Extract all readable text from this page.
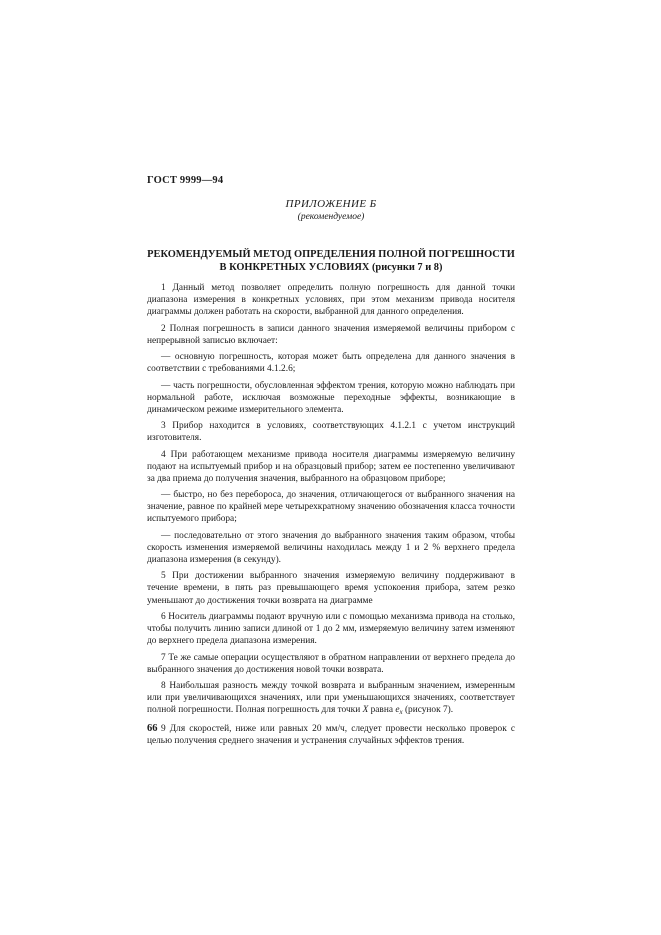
ГОСТ 9999—94
ПРИЛОЖЕНИЕ Б
(рекомендуемое)
РЕКОМЕНДУЕМЫЙ МЕТОД ОПРЕДЕЛЕНИЯ ПОЛНОЙ ПОГРЕШНОСТИ
В КОНКРЕТНЫХ УСЛОВИЯХ (рисунки 7 и 8)

1 Данный метод позволяет определить полную погрешность для данной точки диапазона измерения в конкретных условиях, при этом механизм привода носителя диаграммы должен работать на скорости, выбранной для данного определения.

2 Полная погрешность в записи данного значения измеряемой величины прибором с непрерывной записью включает:

— основную погрешность, которая может быть определена для данного значения в соответствии с требованиями 4.1.2.6;

— часть погрешности, обусловленная эффектом трения, которую можно наблюдать при нормальной работе, исключая возможные переходные эффекты, возникающие в динамическом режиме измерительного элемента.

3 Прибор находится в условиях, соответствующих 4.1.2.1 с учетом инструкций изготовителя.

4 При работающем механизме привода носителя диаграммы измеряемую величину подают на испытуемый прибор и на образцовый прибор; затем ее постепенно увеличивают за два приема до получения значения, выбранного на образцовом приборе;

— быстро, но без перебороса, до значения, отличающегося от выбранного значения на значение, равное по крайней мере четырехкратному значению обозначения класса точности испытуемого прибора;

— последовательно от этого значения до выбранного значения таким образом, чтобы скорость изменения измеряемой величины находилась между 1 и 2 % верхнего предела диапазона измерения (в секунду).

5 При достижении выбранного значения измеряемую величину поддерживают в течение времени, в пять раз превышающего время успокоения прибора, затем резко уменьшают до достижения точки возврата на диаграмме

6 Носитель диаграммы подают вручную или с помощью механизма привода на столько, чтобы получить линию записи длиной от 1 до 2 мм, измеряемую величину затем изменяют до верхнего предела диапазона измерения.

7 Те же самые операции осуществляют в обратном направлении от верхнего предела до выбранного значения до достижения новой точки возврата.

8 Наибольшая разность между точкой возврата и выбранным значением, измеренным или при увеличивающихся значениях, или при уменьшающихся значениях, соответствует полной погрешности. Полная погрешность для точки X равна $e_x$ (рисунок 7).

9 Для скоростей, ниже или равных 20 мм/ч, следует провести несколько проверок с целью получения среднего значения и устранения случайных эффектов трения.

66
